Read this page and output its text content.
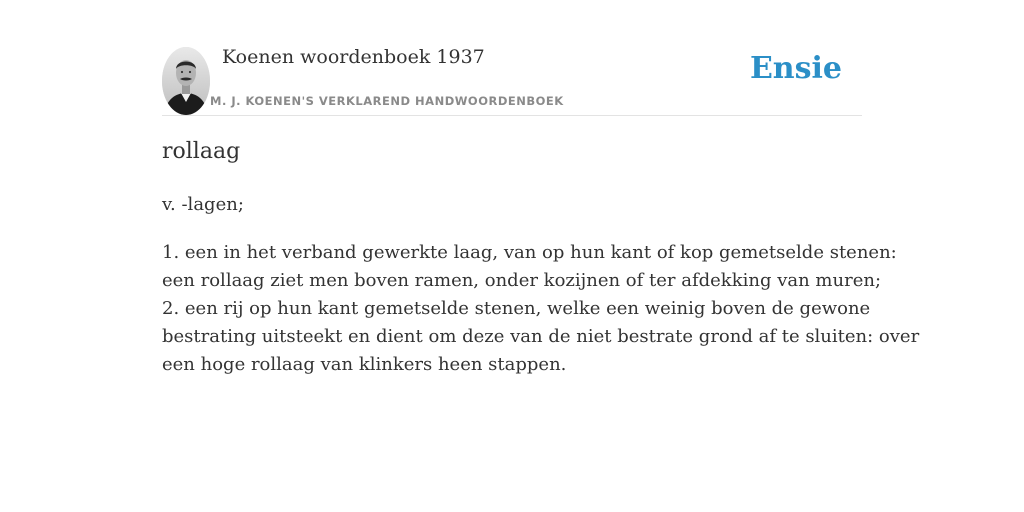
Koenen woordenboek 1937
M. J. KOENEN'S VERKLAREND HANDWOORDENBOEK
Ensie
rollaag

v. -lagen;

1. een in het verband gewerkte laag, van op hun kant of kop gemetselde stenen:
een rollaag ziet men boven ramen, onder kozijnen of ter afdekking van muren;
2. een rij op hun kant gemetselde stenen, welke een weinig boven de gewone
bestrating uitsteekt en dient om deze van de niet bestrate grond af te sluiten: over
een hoge rollaag van klinkers heen stappen.
